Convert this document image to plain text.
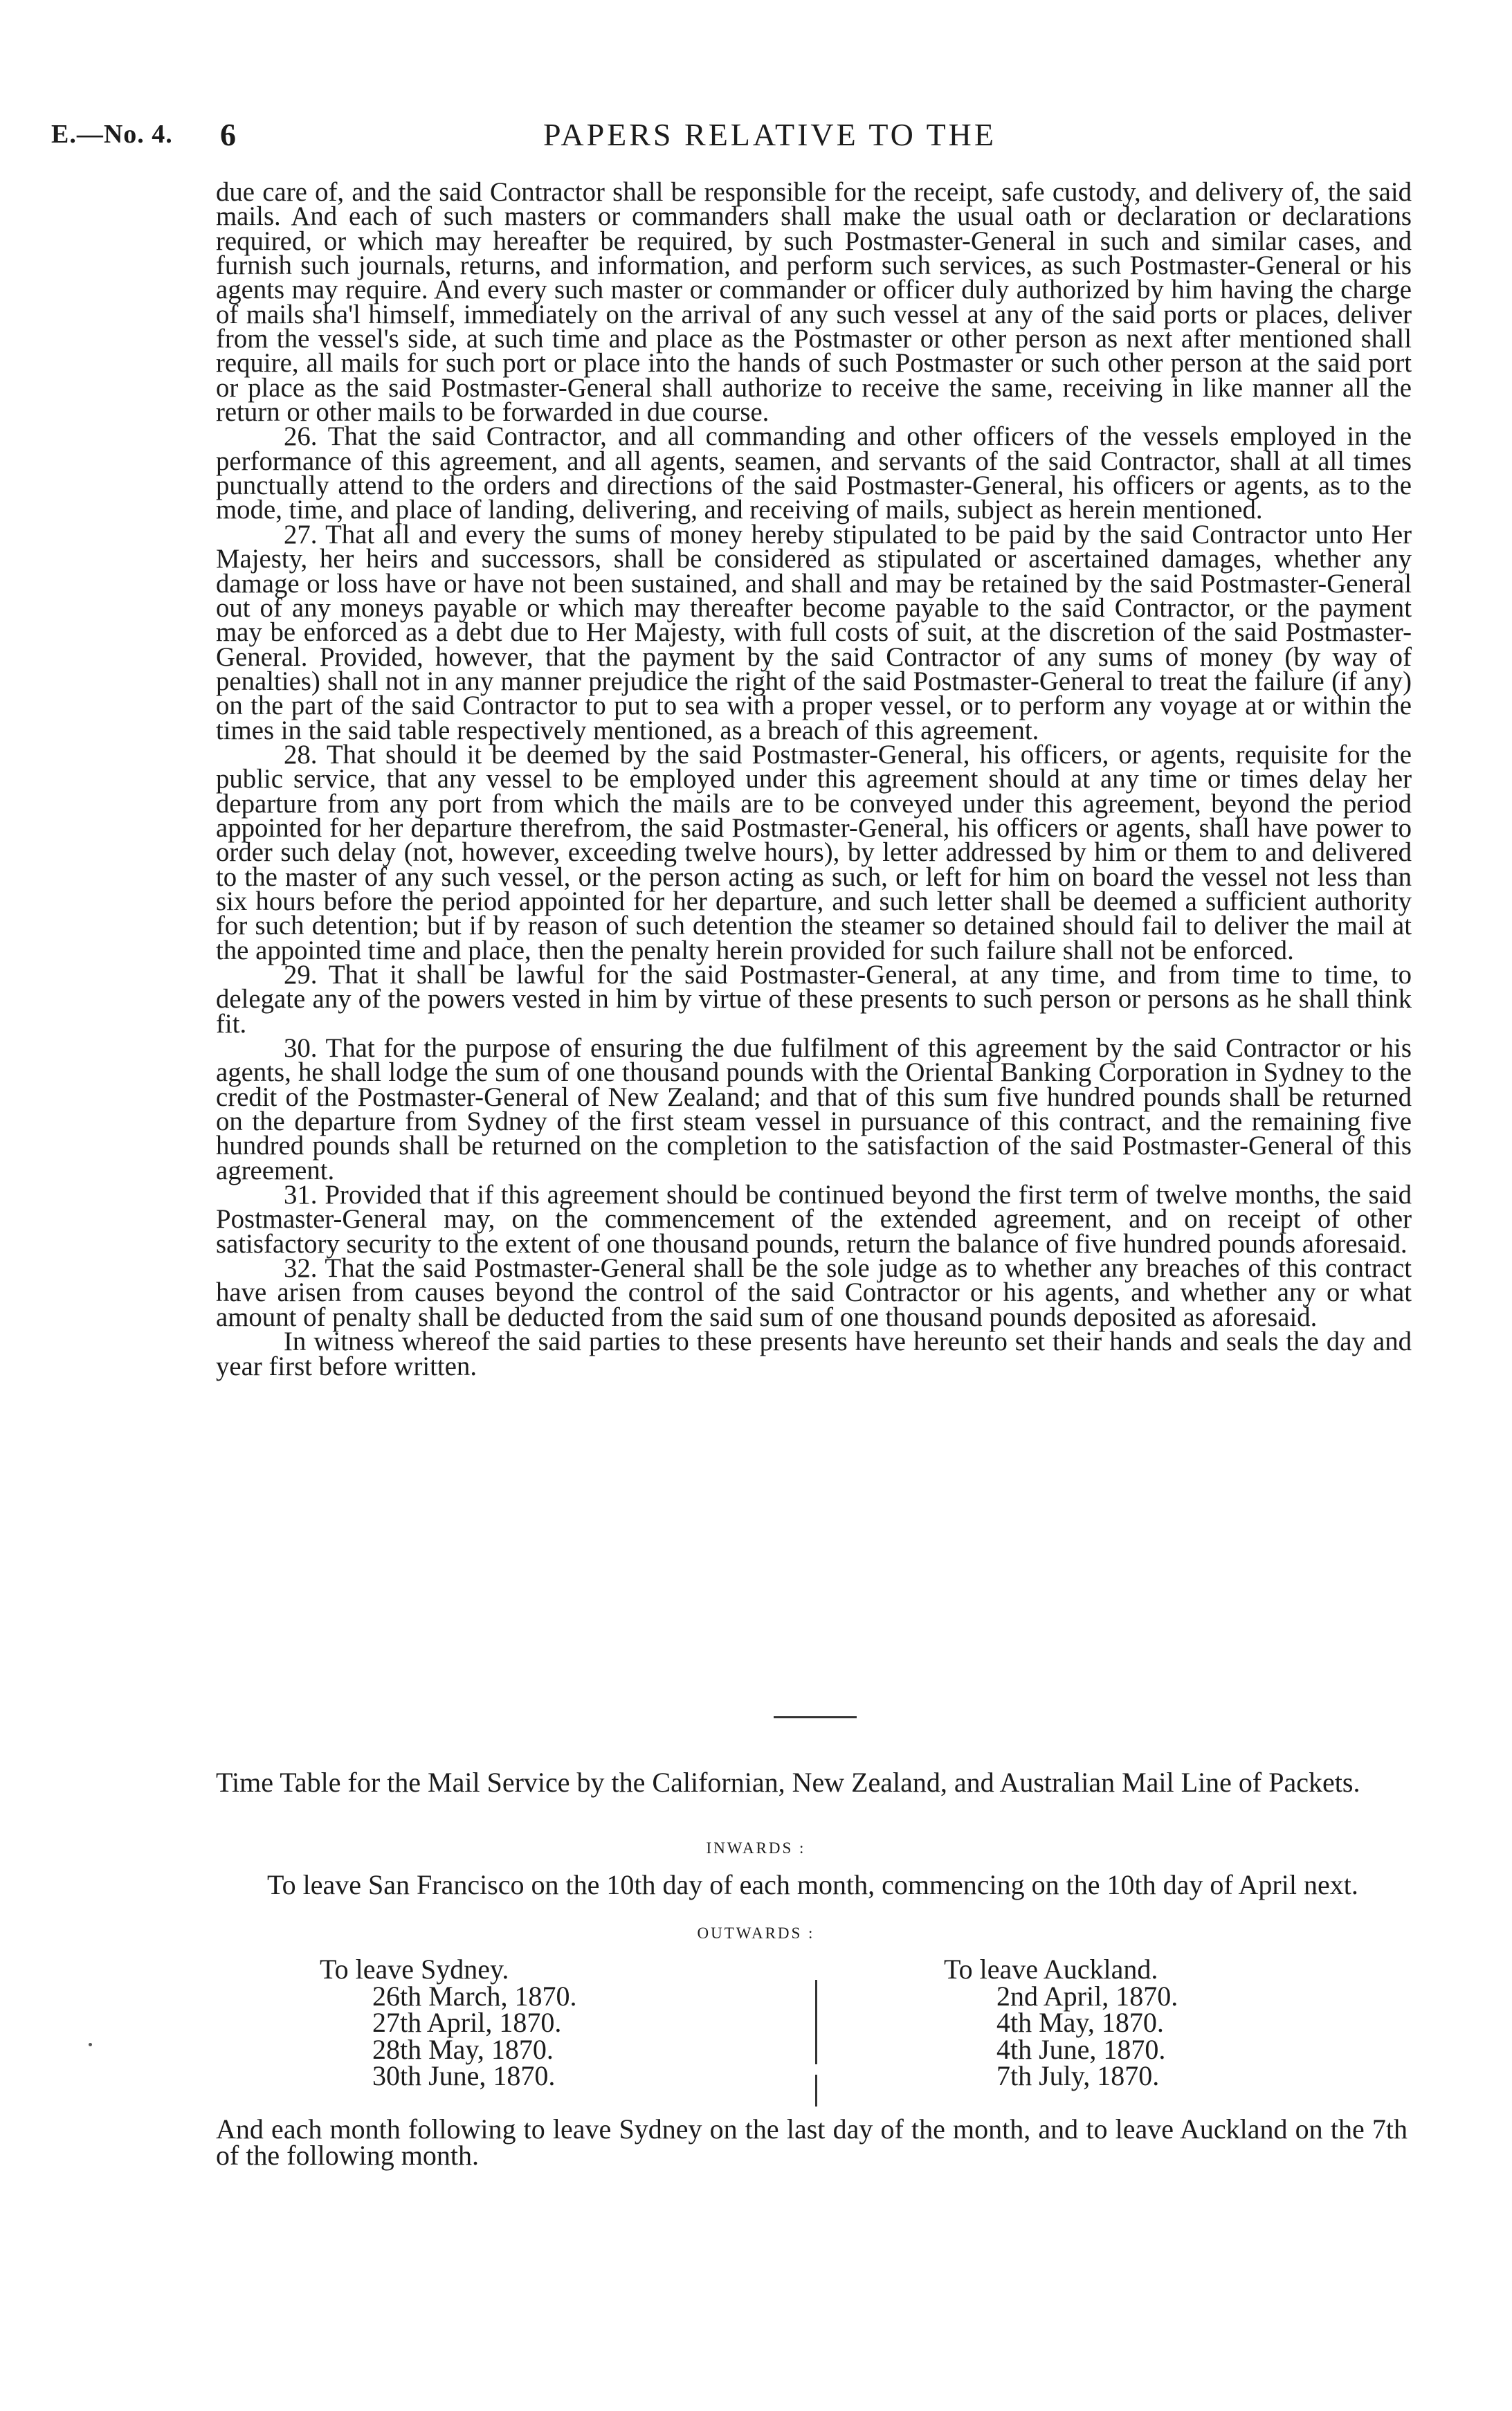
E.—No. 4. 6	PAPERS RELATIVE TO THE

due care of, and the said Contractor shall be responsible for the receipt, safe custody, and delivery of, the said mails. And each of such masters or commanders shall make the usual oath or declaration or declarations required, or which may hereafter be required, by such Postmaster-General in such and similar cases, and furnish such journals, returns, and information, and perform such services, as such Postmaster-General or his agents may require. And every such master or commander or officer duly authorized by him having the charge of mails sha'l himself, immediately on the arrival of any such vessel at any of the said ports or places, deliver from the vessel's side, at such time and place as the Postmaster or other person as next after mentioned shall require, all mails for such port or place into the hands of such Postmaster or such other person at the said port or place as the said Postmaster-General shall authorize to receive the same, receiving in like manner all the return or other mails to be forwarded in due course.

26. That the said Contractor, and all commanding and other officers of the vessels employed in the performance of this agreement, and all agents, seamen, and servants of the said Contractor, shall at all times punctually attend to the orders and directions of the said Postmaster-General, his officers or agents, as to the mode, time, and place of landing, delivering, and receiving of mails, subject as herein mentioned.

27. That all and every the sums of money hereby stipulated to be paid by the said Contractor unto Her Majesty, her heirs and successors, shall be considered as stipulated or ascertained damages, whether any damage or loss have or have not been sustained, and shall and may be retained by the said Postmaster-General out of any moneys payable or which may thereafter become payable to the said Contractor, or the payment may be enforced as a debt due to Her Majesty, with full costs of suit, at the discretion of the said Postmaster-General. Provided, however, that the payment by the said Contractor of any sums of money (by way of penalties) shall not in any manner prejudice the right of the said Postmaster-General to treat the failure (if any) on the part of the said Contractor to put to sea with a proper vessel, or to perform any voyage at or within the times in the said table respectively mentioned, as a breach of this agreement.

28. That should it be deemed by the said Postmaster-General, his officers, or agents, requisite for the public service, that any vessel to be employed under this agreement should at any time or times delay her departure from any port from which the mails are to be conveyed under this agreement, beyond the period appointed for her departure therefrom, the said Postmaster-General, his officers or agents, shall have power to order such delay (not, however, exceeding twelve hours), by letter addressed by him or them to and delivered to the master of any such vessel, or the person acting as such, or left for him on board the vessel not less than six hours before the period appointed for her departure, and such letter shall be deemed a sufficient authority for such detention; but if by reason of such detention the steamer so detained should fail to deliver the mail at the appointed time and place, then the penalty herein provided for such failure shall not be enforced.

29. That it shall be lawful for the said Postmaster-General, at any time, and from time to time, to delegate any of the powers vested in him by virtue of these presents to such person or persons as he shall think fit.

30. That for the purpose of ensuring the due fulfilment of this agreement by the said Contractor or his agents, he shall lodge the sum of one thousand pounds with the Oriental Banking Corporation in Sydney to the credit of the Postmaster-General of New Zealand; and that of this sum five hundred pounds shall be returned on the departure from Sydney of the first steam vessel in pursuance of this contract, and the remaining five hundred pounds shall be returned on the completion to the satisfaction of the said Postmaster-General of this agreement.

31. Provided that if this agreement should be continued beyond the first term of twelve months, the said Postmaster-General may, on the commencement of the extended agreement, and on receipt of other satisfactory security to the extent of one thousand pounds, return the balance of five hundred pounds aforesaid.

32. That the said Postmaster-General shall be the sole judge as to whether any breaches of this contract have arisen from causes beyond the control of the said Contractor or his agents, and whether any or what amount of penalty shall be deducted from the said sum of one thousand pounds deposited as aforesaid.

In witness whereof the said parties to these presents have hereunto set their hands and seals the day and year first before written.

Time Table for the Mail Service by the Californian, New Zealand, and Australian Mail Line of Packets.
INWARDS :
To leave San Francisco on the 10th day of each month, commencing on the 10th day of April next.
OUTWARDS :

To leave Sydney.

26th March, 1870.

27th April, 1870.

28th May, 1870.

30th June, 1870.

To leave Auckland.

2nd April, 1870.

4th May, 1870.

4th June, 1870.

7th July, 1870.

And each month following to leave Sydney on the last day of the month, and to leave Auckland on the 7th of the following month.
